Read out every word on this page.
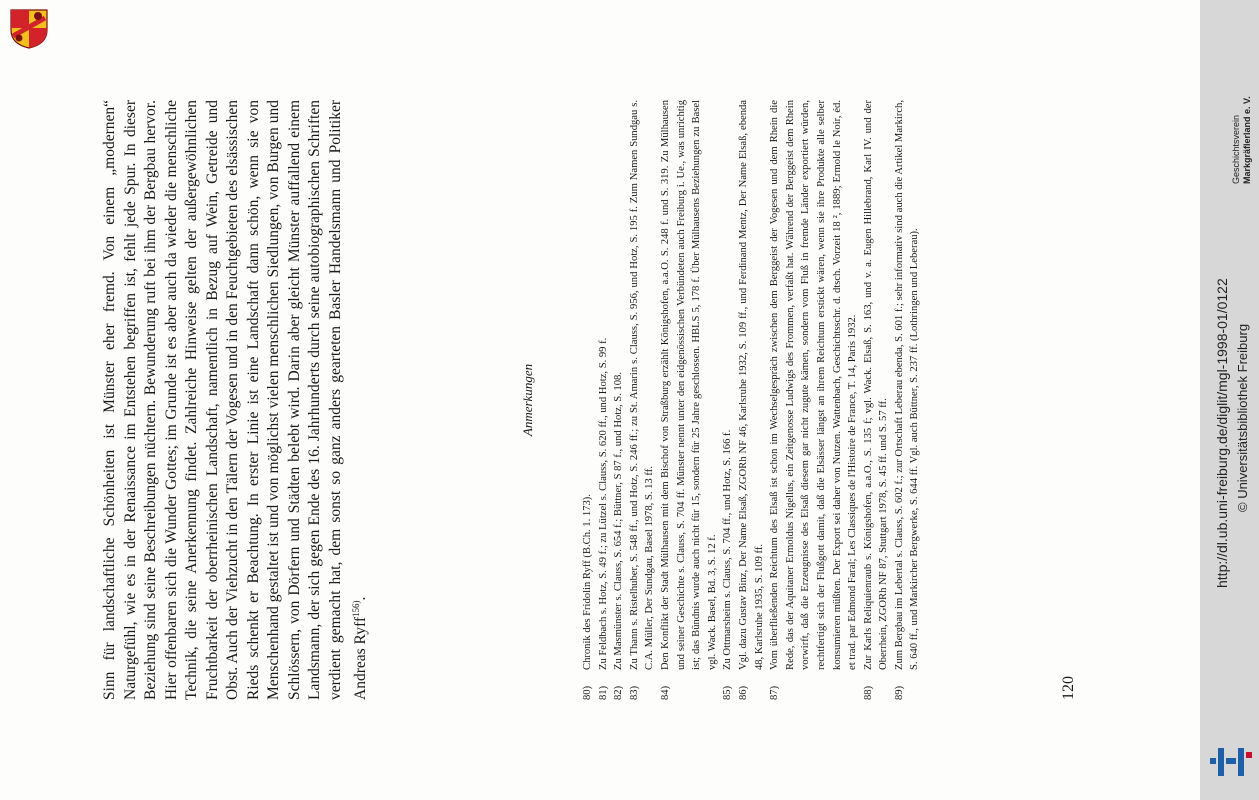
Sinn für landschaftliche Schönheiten ist Münster eher fremd. Von einem „modernen“ Naturgefühl, wie es in der Renaissance im Entstehen begriffen ist, fehlt jede Spur. In dieser Beziehung sind seine Beschreibungen nüchtern. Bewunderung ruft bei ihm der Bergbau hervor. Hier offenbaren sich die Wunder Gottes; im Grunde ist es aber auch da wieder die menschliche Technik, die seine Anerkennung findet. Zahlreiche Hinweise gelten der außergewöhnlichen Fruchtbarkeit der oberrheinischen Landschaft, namentlich in Bezug auf Wein, Getreide und Obst. Auch der Viehzucht in den Tälern der Vogesen und in den Feuchtgebieten des elsässischen Rieds schenkt er Beachtung. In erster Linie ist eine Landschaft dann schön, wenn sie von Menschenhand gestaltet ist und von möglichst vielen menschlichen Siedlungen, von Burgen und Schlössern, von Dörfern und Städten belebt wird. Darin aber gleicht Münster auffallend einem Landsmann, der sich gegen Ende des 16. Jahrhunderts durch seine autobiographischen Schriften verdient gemacht hat, dem sonst so ganz anders gearteten Basler Handelsmann und Politiker Andreas Ryff$^{156)}$.

Anmerkungen
80)
Chronik des Fridolin Ryff (B.Ch. 1. 173).
81)
Zu Feldbach s. Hotz, S. 49 f.; zu Lützel s. Clauss, S. 620 ff., und Hotz, S. 99 f.
82)
Zu Masmünster s. Clauss, S. 654 f.; Büttner, S 87 f., und Hotz, S. 108.
83)
Zu Thann s. Ristelhuber, S. 548 ff., und Hotz, S. 246 ff.; zu St. Amarin s. Clauss, S. 956, und Hotz, S. 195 f. Zum Namen Sundgau s. C.A. Müller, Der Sundgau, Basel 1978, S. 13 ff.
84)
Den Konflikt der Stadt Mülhausen mit dem Bischof von Straßburg erzählt Königshofen, a.a.O. S. 248 f. und S. 319. Zu Mülhausen und seiner Geschichte s. Clauss, S. 704 ff. Münster nennt unter den eidgenössischen Verbündeten auch Freiburg i. Ue., was unrichtig ist; das Bündnis wurde auch nicht für 15, sondern für 25 Jahre geschlossen. HBLS 5, 178 f. Über Mülhausens Beziehungen zu Basel vgl. Wack. Basel, Bd. 3, S. 12 f.
85)
Zu Ottmarsheim s. Clauss, S. 704 ff., und Hotz, S. 166 f.
86)
Vgl. dazu Gustav Binz, Der Name Elsaß, ZGORh NF 46, Karlsruhe 1932, S. 109 ff., und Ferdinand Mentz, Der Name Elsaß, ebenda 48, Karlsruhe 1935, S. 109 ff.
87)
Vom überfließenden Reichtum des Elsaß ist schon im Wechselgespräch zwischen dem Berggeist der Vogesen und dem Rhein die Rede, das der Aquitaner Ermoldus Nigellus, ein Zeitgenosse Ludwigs des Frommen, verfaßt hat. Während der Berggeist dem Rhein vorwirft, daß die Erzeugnisse des Elsaß diesem gar nicht zugute kämen, sondern vom Fluß in fremde Länder exportiert würden, rechtfertigt sich der Flußgott damit, daß die Elsässer längst an ihrem Reichtum erstickt wären, wenn sie ihre Produkte alle selber konsumieren müßten. Der Export sei daher von Nutzen. Wattenbach, Geschichtsschr. d. dtsch. Vorzeit 18 ², 1889; Ermold le Noir, éd. et trad. par Edmond Faral; Les Classiques de l'Histoire de France, T. 14, Paris 1932.
88)
Zur Karls Reliquienraub s. Königshofen, a.a.O., S. 135 f; vgl. Wack. Elsaß, S. 163, und v. a. Eugen Hillebrand, Karl IV. und der Oberrhein, ZGORh NF 87, Stuttgart 1978, S. 45 ff. und S. 57 ff.
89)
Zum Bergbau im Lebertal s. Clauss, S. 602 f.; zur Ortschaft Leberau ebenda, S. 601 f.; sehr informativ sind auch die Artikel Markirch, S. 640 ff., und Markircher Bergwerke, S. 644 ff. Vgl. auch Büttner, S. 237 ff. (Lothringen und Leberau).
120
Geschichtsverein Markgräflerland e. V.
http://dl.ub.uni-freiburg.de/diglit/mgl-1998-01/0122 © Universitätsbibliothek Freiburg
